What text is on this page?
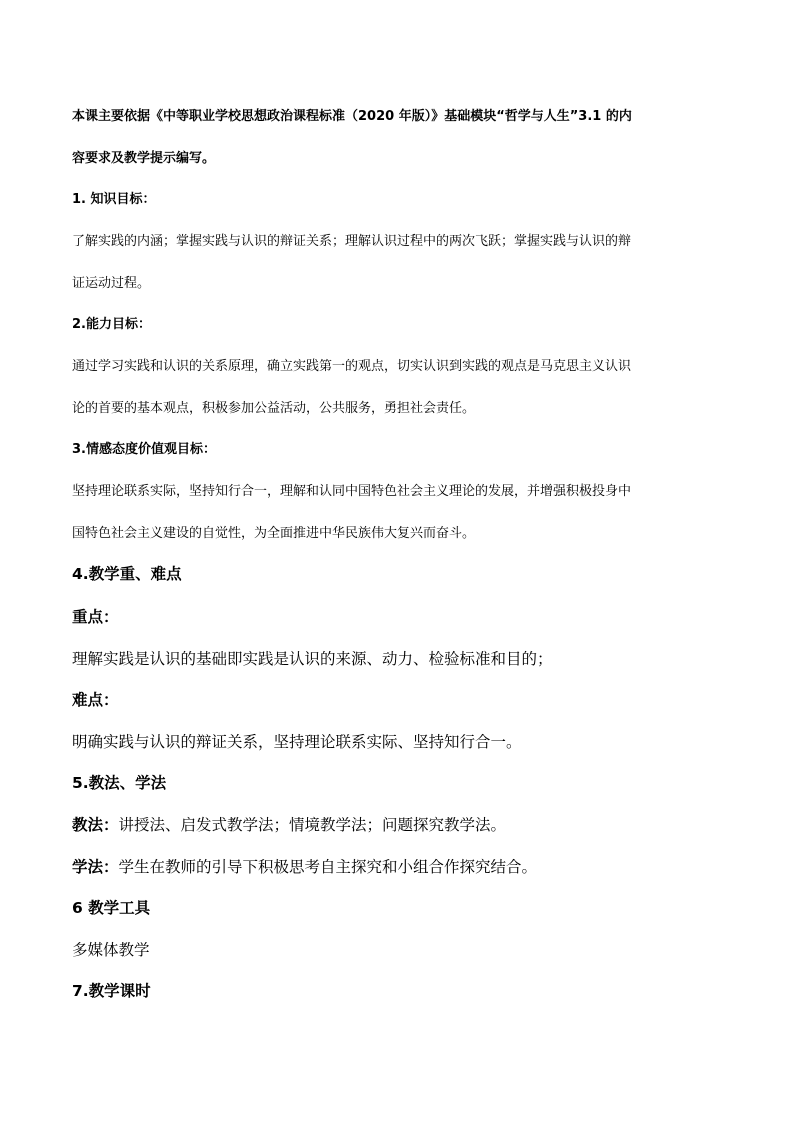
本课主要依据《中等职业学校思想政治课程标准（2020 年版）》基础模块“哲学与人生”3.1 的内
容要求及教学提示编写。
1. 知识目标：
了解实践的内涵；掌握实践与认识的辩证关系；理解认识过程中的两次飞跃；掌握实践与认识的辩
证运动过程。
2.能力目标：
通过学习实践和认识的关系原理，确立实践第一的观点，切实认识到实践的观点是马克思主义认识
论的首要的基本观点，积极参加公益活动，公共服务，勇担社会责任。
3.情感态度价值观目标：
坚持理论联系实际，坚持知行合一，理解和认同中国特色社会主义理论的发展，并增强积极投身中
国特色社会主义建设的自觉性，为全面推进中华民族伟大复兴而奋斗。
4.教学重、难点
重点：
理解实践是认识的基础即实践是认识的来源、动力、检验标准和目的；
难点：
明确实践与认识的辩证关系，坚持理论联系实际、坚持知行合一。
5.教法、学法
教法：讲授法、启发式教学法；情境教学法；问题探究教学法。
学法：学生在教师的引导下积极思考自主探究和小组合作探究结合。
6 教学工具
多媒体教学
7.教学课时
